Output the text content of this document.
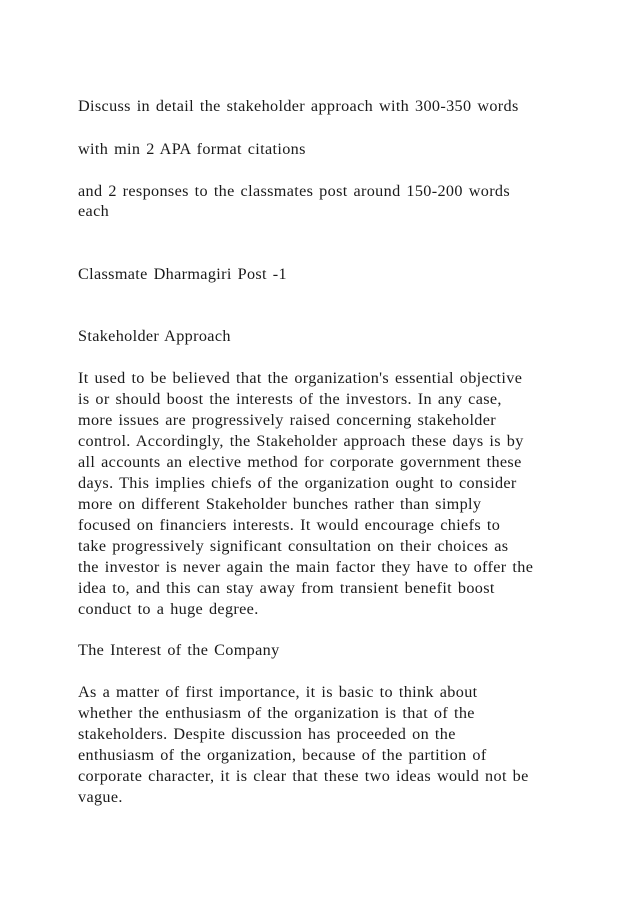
Discuss in detail the stakeholder approach with 300-350 words
with min 2 APA format citations
and 2 responses to the classmates post around 150-200 words
each
Classmate Dharmagiri Post -1
Stakeholder Approach
It used to be believed that the organization's essential objective
is or should boost the interests of the investors. In any case,
more issues are progressively raised concerning stakeholder
control. Accordingly, the Stakeholder approach these days is by
all accounts an elective method for corporate government these
days. This implies chiefs of the organization ought to consider
more on different Stakeholder bunches rather than simply
focused on financiers interests. It would encourage chiefs to
take progressively significant consultation on their choices as
the investor is never again the main factor they have to offer the
idea to, and this can stay away from transient benefit boost
conduct to a huge degree.
The Interest of the Company
As a matter of first importance, it is basic to think about
whether the enthusiasm of the organization is that of the
stakeholders. Despite discussion has proceeded on the
enthusiasm of the organization, because of the partition of
corporate character, it is clear that these two ideas would not be
vague.
